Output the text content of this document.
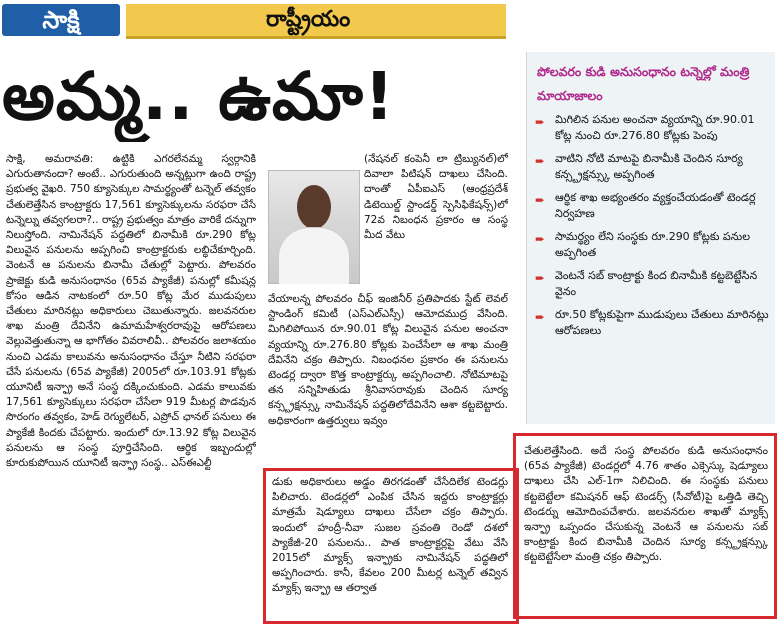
సాక్షి	రాష్ట్రీయం
అమ్మ.. ఉమా!
సాక్షి, అమరావతి: ఉట్టికి ఎగరలేనమ్మ స్వర్గానికి ఎగురుతానందా? అంటే.. ఎగురుతుంది అన్నట్లుగా ఉంది రాష్ట్ర ప్రభుత్వ వైఖరి. 750 క్యూసెక్కుల సామర్థ్యంతో టన్నెల్ తవ్వకం చేతులెత్తేసిన కాంట్రాక్టరు 17,561 క్యూసెక్కులను సరఫరా చేసే టన్నెల్ను తవ్వగలరా?.. రాష్ట్ర ప్రభుత్వం మాత్రం వారికే దన్నుగా నిలుస్తోంది. నామినేషన్ పద్ధతిలో బినామీకి రూ.290 కోట్ల విలువైన పనులను అప్పగించి కాంట్రాక్టరుకు లబ్ధిచేకూర్చింది. వెంటనే ఆ పనులను బినామీ చేతుల్లో పెట్టారు. పోలవరం ప్రాజెక్టు కుడి అనుసంధానం (65వ ప్యాకేజీ) పనుల్లో కమీషన్ల కోసం ఆడిన నాటకంలో రూ.50 కోట్ల మేర ముడుపులు చేతులు మారినట్లు అధికారులు చెబుతున్నారు. జలవనరుల శాఖ మంత్రి దేవినేని ఉమామహేశ్వరరావుపై ఆరోపణలు వెల్లువెత్తుతున్నా ఆ భాగోతం వివరాలివీ.. పోలవరం జలాశయం నుంచి ఎడమ కాలువను అనుసంధానం చేస్తూ నీటిని సరఫరా చేసే పనులను (65వ ప్యాకేజీ) 2005లో రూ.103.91 కోట్లకు యూనిటీ ఇన్ఫ్రా అనే సంస్థ దక్కించుకుంది. ఎడమ కాలువకు 17,561 క్యూసెక్కులు సరఫరా చేసేలా 919 మీటర్ల పొడవున సొరంగం తవ్వకం, హెడ్ రెగ్యులేటర్, ఎప్రోచ్ ఛానల్ పనులు ఈ ప్యాకేజీ కిందకు చేపట్టారు. ఇందులో రూ.13.92 కోట్ల విలువైన పనులను ఆ సంస్థ పూర్తిచేసింది. ఆర్థిక ఇబ్బందుల్లో కూరుకుపోయిన యూనిటీ ఇన్ఫ్రా సంస్థ.. ఎస్ఈఎల్టీ
(నేషనల్ కంపెనీ లా ట్రిబ్యునల్)లో దివాలా పిటిషన్ దాఖలు చేసింది. దాంతో ఏపీఐఎస్ (ఆంధ్రప్రదేశ్ డిటెయిల్డ్ స్టాండర్డ్ స్పెసిఫికేషన్స్)లో 72వ నిబంధన ప్రకారం ఆ సంస్థ మీద వేటు
వేయాలన్న పోలవరం చీఫ్ ఇంజినీర్ ప్రతిపాదకు స్టేట్ లెవల్ స్టాండింగ్ కమిటీ (ఎస్ఎల్ఎస్సీ) ఆమోదముద్ర వేసింది. మిగిలిపోయిన రూ.90.01 కోట్ల విలువైన పనుల అంచనా వ్యయాన్ని రూ.276.80 కోట్లకు పెంచేసేలా ఆ శాఖ మంత్రి దేవినేని చక్రం తిప్పారు. నిబంధనల ప్రకారం ఈ పనులను టెండర్ల ద్వారా కొత్త కాంట్రాక్టర్కు అప్పగించాలి. నోటిమాటపై తన సన్నిహితుడు శ్రీనివాసరావుకు చెందిన సూర్య కన్స్ట్రక్షన్స్కు నామినేషన్ పద్ధతిలోదేవినేని ఆశా కట్టబెట్టారు. అధికారంగా ఉత్తర్వులు ఇవ్వం
డుకు అధికారులు అడ్డం తిరగడంతో చేసేదిలేక టెండర్లు పిలిచారు. టెండర్లలో ఎంపిక చేసిన ఇద్దరు కాంట్రాక్టర్లు మాత్రమే షెడ్యూలు దాఖలు చేసేలా చక్రం తిప్పారు. ఇందులో హంద్రీ-నీవా సుజల స్రవంతి రెండో దశలో ప్యాకేజీ-20 పనులను.. పాత కాంట్రాక్టర్లపై వేటు వేసి 2015లో మ్యాక్స్ ఇన్ఫ్రాకు నామినేషన్ పద్ధతిలో అప్పగించారు. కానీ, కేవలం 200 మీటర్ల టన్నెల్ తవ్విన మ్యాక్స్ ఇన్ఫ్రా ఆ తర్వాత
పోలవరం కుడి అనుసంధానం టన్నెల్లో మంత్రి మాయాజాలం
➨ మిగిలిన పనుల అంచనా వ్యయాన్ని రూ.90.01 కోట్ల నుంచి రూ.276.80 కోట్లకు పెంపు
➨ వాటిని నోటి మాటపై బినామీకి చెందిన సూర్య కన్స్ట్రక్షన్స్కు అప్పగింత
➨ ఆర్థిక శాఖ అభ్యంతరం వ్యక్తంచేయడంతో టెండర్ల నిర్వహణ
➨ సామర్థ్యం లేని సంస్థకు రూ.290 కోట్లకు పనుల అప్పగింత
➨ వెంటనే సబ్ కాంట్రాక్టు కింద బినామీకి కట్టబెట్టేసిన వైనం
➨ రూ.50 కోట్లకుపైగా ముడుపులు చేతులు మారినట్లు ఆరోపణలు
చేతులెత్తేసింది. అదే సంస్థ పోలవరం కుడి అనుసంధానం (65వ ప్యాకేజీ) టెండర్లలో 4.76 శాతం ఎక్సెస్కు షెడ్యూలు దాఖలు చేసి ఎల్-1గా నిలిచింది. ఈ సంస్థకు పనులు కట్టబెట్టేలా కమిషనర్ ఆఫ్ టెండర్స్ (సీవోటీ)పై ఒత్తిడి తెచ్చి టెండర్ను ఆమోదింపచేశారు. జలవనరుల శాఖతో మ్యాక్స్ ఇన్ఫ్రా ఒప్పందం చేసుకున్న వెంటనే ఆ పనులను సబ్ కాంట్రాక్టు కింద బినామీకి చెందిన సూర్య కన్స్ట్రక్షన్స్కు కట్టబెట్టేసేలా మంత్రి చక్రం తిప్పారు.
